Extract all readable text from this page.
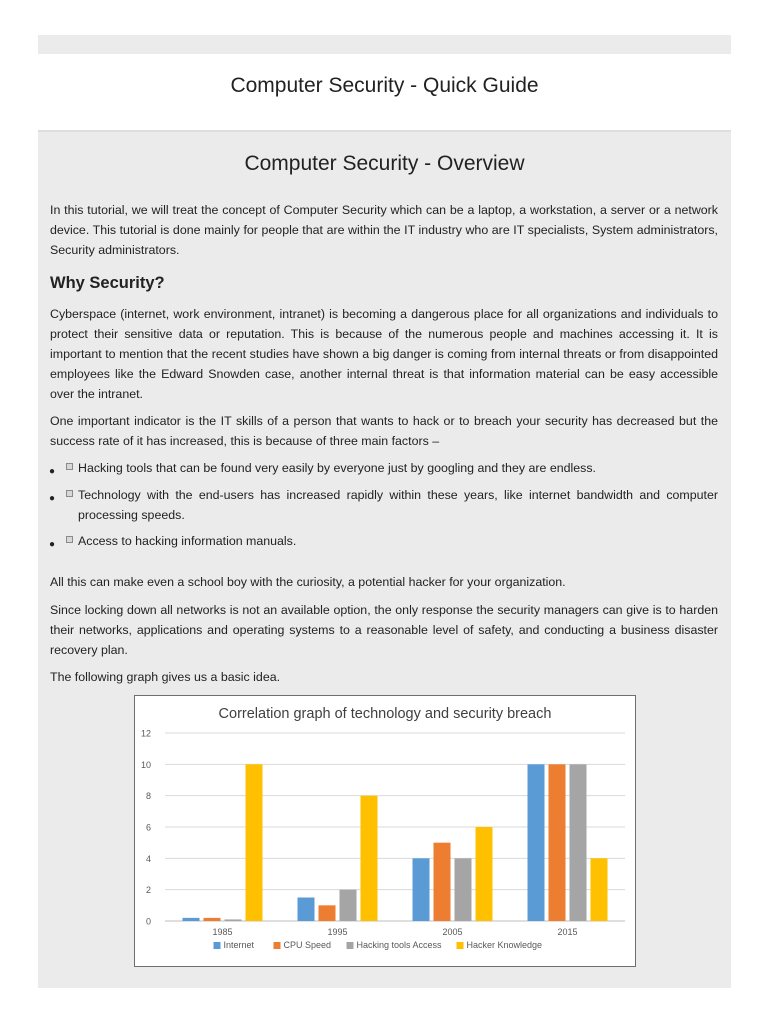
Computer Security - Quick Guide
Computer Security - Overview

In this tutorial, we will treat the concept of Computer Security which can be a laptop, a workstation, a server or a network device. This tutorial is done mainly for people that are within the IT industry who are IT specialists, System administrators, Security administrators.

Why Security?

Cyberspace (internet, work environment, intranet) is becoming a dangerous place for all organizations and individuals to protect their sensitive data or reputation. This is because of the numerous people and machines accessing it. It is important to mention that the recent studies have shown a big danger is coming from internal threats or from disappointed employees like the Edward Snowden case, another internal threat is that information material can be easy accessible over the intranet.

One important indicator is the IT skills of a person that wants to hack or to breach your security has decreased but the success rate of it has increased, this is because of three main factors –

● Hacking tools that can be found very easily by everyone just by googling and they are endless.
● Technology with the end-users has increased rapidly within these years, like internet bandwidth and computer processing speeds.
● Access to hacking information manuals.

All this can make even a school boy with the curiosity, a potential hacker for your organization.

Since locking down all networks is not an available option, the only response the security managers can give is to harden their networks, applications and operating systems to a reasonable level of safety, and conducting a business disaster recovery plan.

The following graph gives us a basic idea.

Correlation graph of technology and security breach
0
2
4
6
8
10
12
1985	1995	2005	2015
Internet	CPU Speed	Hacking tools Access	Hacker Knowledge
